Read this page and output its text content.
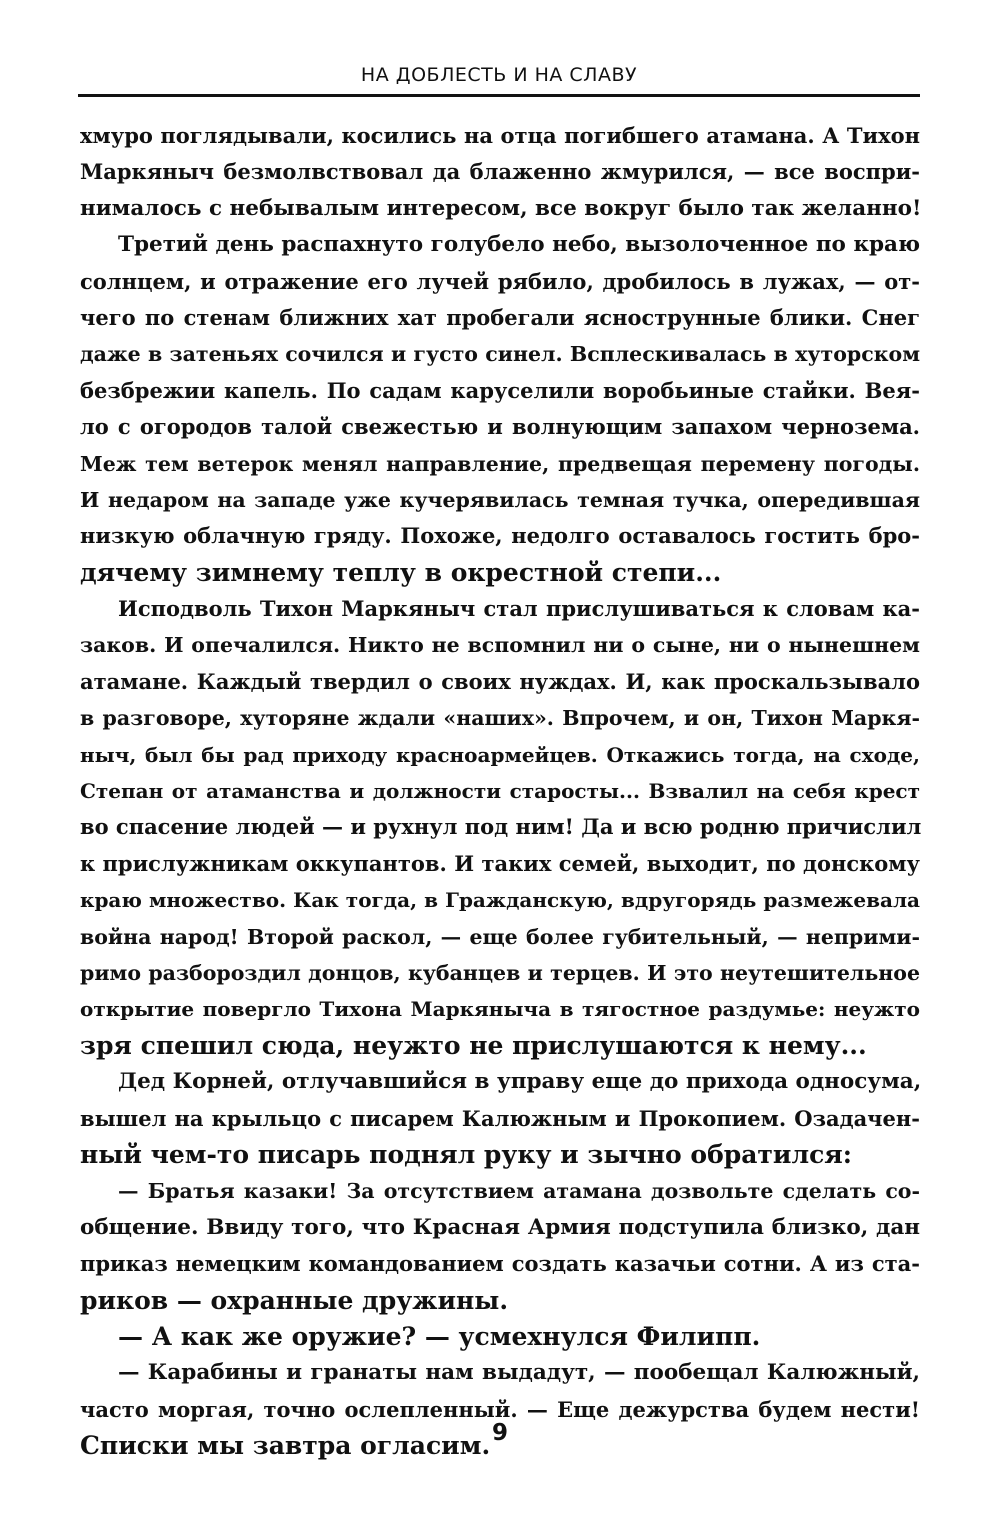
НА ДОБЛЕСТЬ И НА СЛАВУ
хмуро поглядывали, косились на отца погибшего атамана. А Тихон
Маркяныч безмолвствовал да блаженно жмурился, — все воспри-
нималось с небывалым интересом, все вокруг было так желанно!
Третий день распахнуто голубело небо, вызолоченное по краю
солнцем, и отражение его лучей рябило, дробилось в лужах, — от-
чего по стенам ближних хат пробегали яснострунные блики. Снег
даже в затеньях сочился и густо синел. Всплескивалась в хуторском
безбрежии капель. По садам каруселили воробьиные стайки. Вея-
ло с огородов талой свежестью и волнующим запахом чернозема.
Меж тем ветерок менял направление, предвещая перемену погоды.
И недаром на западе уже кучерявилась темная тучка, опередившая
низкую облачную гряду. Похоже, недолго оставалось гостить бро-
дячему зимнему теплу в окрестной степи...
Исподволь Тихон Маркяныч стал прислушиваться к словам ка-
заков. И опечалился. Никто не вспомнил ни о сыне, ни о нынешнем
атамане. Каждый твердил о своих нуждах. И, как проскальзывало
в разговоре, хуторяне ждали «наших». Впрочем, и он, Тихон Маркя-
ныч, был бы рад приходу красноармейцев. Откажись тогда, на сходе,
Степан от атаманства и должности старосты... Взвалил на себя крест
во спасение людей — и рухнул под ним! Да и всю родню причислил
к прислужникам оккупантов. И таких семей, выходит, по донскому
краю множество. Как тогда, в Гражданскую, вдругорядь размежевала
война народ! Второй раскол, — еще более губительный, — неприми-
римо разбороздил донцов, кубанцев и терцев. И это неутешительное
открытие повергло Тихона Маркяныча в тягостное раздумье: неужто
зря спешил сюда, неужто не прислушаются к нему...
Дед Корней, отлучавшийся в управу еще до прихода односума,
вышел на крыльцо с писарем Калюжным и Прокопием. Озадачен-
ный чем-то писарь поднял руку и зычно обратился:
— Братья казаки! За отсутствием атамана дозвольте сделать со-
общение. Ввиду того, что Красная Армия подступила близко, дан
приказ немецким командованием создать казачьи сотни. А из ста-
риков — охранные дружины.
— А как же оружие? — усмехнулся Филипп.
— Карабины и гранаты нам выдадут, — пообещал Калюжный,
часто моргая, точно ослепленный. — Еще дежурства будем нести!
Списки мы завтра огласим. 9
